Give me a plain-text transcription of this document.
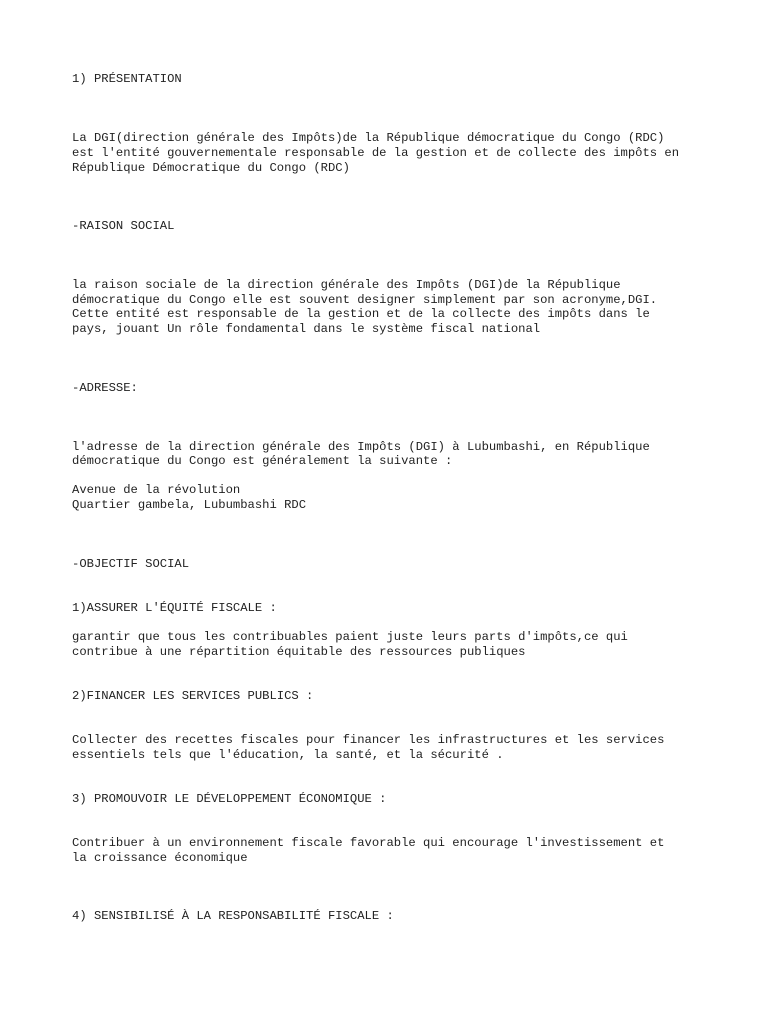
1) PRÉSENTATION
La DGI(direction générale des Impôts)de la République démocratique du Congo (RDC)
est l'entité gouvernementale responsable de la gestion et de collecte des impôts en
République Démocratique du Congo (RDC)
-RAISON SOCIAL
la raison sociale de la direction générale des Impôts (DGI)de la République
démocratique du Congo elle est souvent designer simplement par son acronyme,DGI.
Cette entité est responsable de la gestion et de la collecte des impôts dans le
pays, jouant Un rôle fondamental dans le système fiscal national
-ADRESSE:
l'adresse de la direction générale des Impôts (DGI) à Lubumbashi, en République
démocratique du Congo est généralement la suivante :
Avenue de la révolution
Quartier gambela, Lubumbashi RDC
-OBJECTIF SOCIAL
1)ASSURER L'ÉQUITÉ FISCALE :
garantir que tous les contribuables paient juste leurs parts d'impôts,ce qui
contribue à une répartition équitable des ressources publiques
2)FINANCER LES SERVICES PUBLICS :
Collecter des recettes fiscales pour financer les infrastructures et les services
essentiels tels que l'éducation, la santé, et la sécurité .
3) PROMOUVOIR LE DÉVELOPPEMENT ÉCONOMIQUE :
Contribuer à un environnement fiscale favorable qui encourage l'investissement et
la croissance économique
4) SENSIBILISÉ À LA RESPONSABILITÉ FISCALE :
